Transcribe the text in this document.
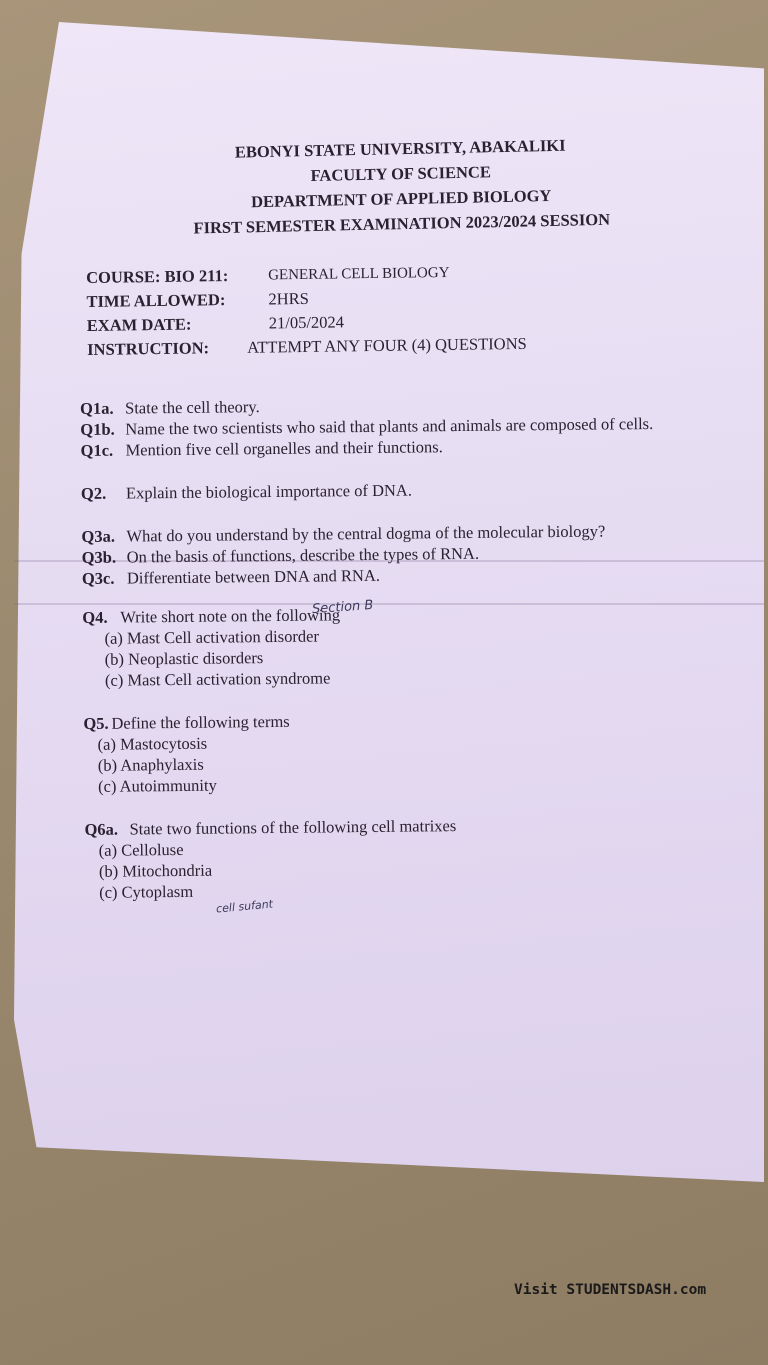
EBONYI STATE UNIVERSITY, ABAKALIKI
FACULTY OF SCIENCE
DEPARTMENT OF APPLIED BIOLOGY
FIRST SEMESTER EXAMINATION 2023/2024 SESSION
COURSE: BIO 211:	GENERAL CELL BIOLOGY
TIME ALLOWED:	2HRS
EXAM DATE:	21/05/2024
INSTRUCTION:	ATTEMPT ANY FOUR (4) QUESTIONS
Q1a. State the cell theory.
Q1b. Name the two scientists who said that plants and animals are composed of cells.
Q1c. Mention five cell organelles and their functions.
Q2.	Explain the biological importance of DNA.
Q3a. What do you understand by the central dogma of the molecular biology?
Q3b. On the basis of functions, describe the types of RNA.
Q3c. Differentiate between DNA and RNA.
Q4. Write short note on the following
(a) Mast Cell activation disorder
(b) Neoplastic disorders
(c) Mast Cell activation syndrome
Q5. Define the following terms
(a) Mastocytosis
(b) Anaphylaxis
(c) Autoimmunity
Q6a. State two functions of the following cell matrixes
(a) Celloluse
(b) Mitochondria
(c) Cytoplasm
Section B
cell sufant
Visit STUDENTSDASH.com
